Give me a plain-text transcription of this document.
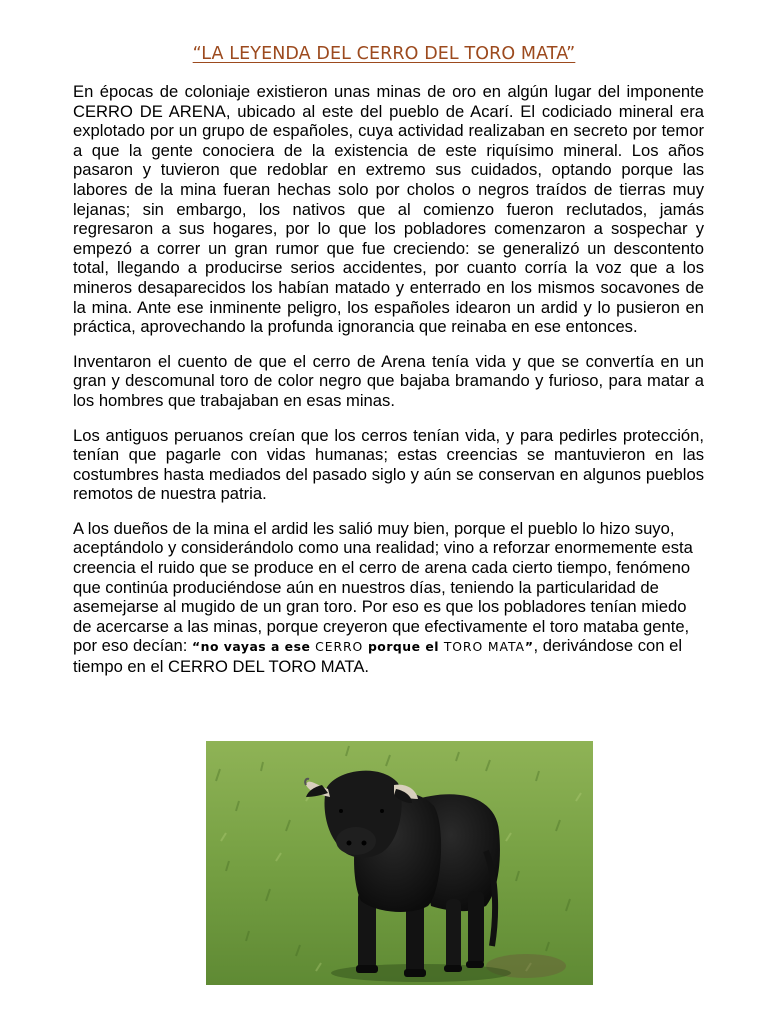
“LA LEYENDA DEL CERRO DEL TORO MATA”

En épocas de coloniaje existieron unas minas de oro en algún lugar del imponente CERRO DE ARENA, ubicado al este del pueblo de Acarí. El codiciado mineral era explotado por un grupo de españoles, cuya actividad realizaban en secreto por temor a que la gente conociera de la existencia de este riquísimo mineral. Los años pasaron y tuvieron que redoblar en extremo sus cuidados, optando porque las labores de la mina fueran hechas solo por cholos o negros traídos de tierras muy lejanas; sin embargo, los nativos que al comienzo fueron reclutados, jamás regresaron a sus hogares, por lo que los pobladores comenzaron a sospechar y empezó a correr un gran rumor que fue creciendo: se generalizó un descontento total, llegando a producirse serios accidentes, por cuanto corría la voz que a los mineros desaparecidos los habían matado y enterrado en los mismos socavones de la mina. Ante ese inminente peligro, los españoles idearon un ardid y lo pusieron en práctica, aprovechando la profunda ignorancia que reinaba en ese entonces.

Inventaron el cuento de que el cerro de Arena tenía vida y que se convertía en un gran y descomunal toro de color negro que bajaba bramando y furioso, para matar a los hombres que trabajaban en esas minas.

Los antiguos peruanos creían que los cerros tenían vida, y para pedirles protección, tenían que pagarle con vidas humanas; estas creencias se mantuvieron en las costumbres hasta mediados del pasado siglo y aún se conservan en algunos pueblos remotos de nuestra patria.

A los dueños de la mina el ardid les salió muy bien, porque el pueblo lo hizo suyo, aceptándolo y considerándolo como una realidad; vino a reforzar enormemente esta creencia el ruido que se produce en el cerro de arena cada cierto tiempo, fenómeno que continúa produciéndose aún en nuestros días, teniendo la particularidad de asemejarse al mugido de un gran toro. Por eso es que los pobladores tenían miedo de acercarse a las minas, porque creyeron que efectivamente el toro mataba gente, por eso decían: “no vayas a ese CERRO porque el TORO MATA”, derivándose con el tiempo en el CERRO DEL TORO MATA.
